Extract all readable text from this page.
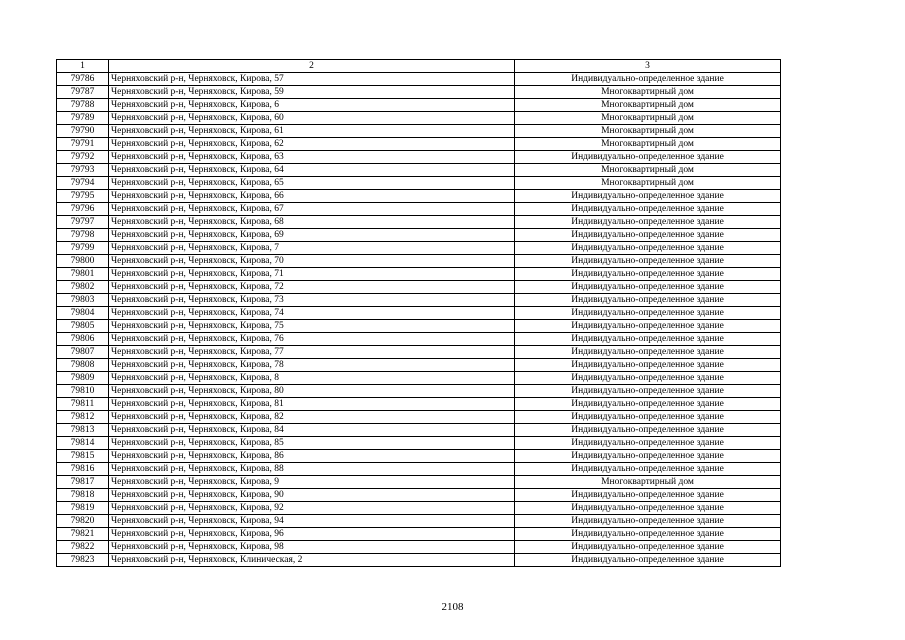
1	2	3
79786	Черняховский р-н, Черняховск, Кирова, 57	Индивидуально-определенное здание
79787	Черняховский р-н, Черняховск, Кирова, 59	Многоквартирный дом
79788	Черняховский р-н, Черняховск, Кирова, 6	Многоквартирный дом
79789	Черняховский р-н, Черняховск, Кирова, 60	Многоквартирный дом
79790	Черняховский р-н, Черняховск, Кирова, 61	Многоквартирный дом
79791	Черняховский р-н, Черняховск, Кирова, 62	Многоквартирный дом
79792	Черняховский р-н, Черняховск, Кирова, 63	Индивидуально-определенное здание
79793	Черняховский р-н, Черняховск, Кирова, 64	Многоквартирный дом
79794	Черняховский р-н, Черняховск, Кирова, 65	Многоквартирный дом
79795	Черняховский р-н, Черняховск, Кирова, 66	Индивидуально-определенное здание
79796	Черняховский р-н, Черняховск, Кирова, 67	Индивидуально-определенное здание
79797	Черняховский р-н, Черняховск, Кирова, 68	Индивидуально-определенное здание
79798	Черняховский р-н, Черняховск, Кирова, 69	Индивидуально-определенное здание
79799	Черняховский р-н, Черняховск, Кирова, 7	Индивидуально-определенное здание
79800	Черняховский р-н, Черняховск, Кирова, 70	Индивидуально-определенное здание
79801	Черняховский р-н, Черняховск, Кирова, 71	Индивидуально-определенное здание
79802	Черняховский р-н, Черняховск, Кирова, 72	Индивидуально-определенное здание
79803	Черняховский р-н, Черняховск, Кирова, 73	Индивидуально-определенное здание
79804	Черняховский р-н, Черняховск, Кирова, 74	Индивидуально-определенное здание
79805	Черняховский р-н, Черняховск, Кирова, 75	Индивидуально-определенное здание
79806	Черняховский р-н, Черняховск, Кирова, 76	Индивидуально-определенное здание
79807	Черняховский р-н, Черняховск, Кирова, 77	Индивидуально-определенное здание
79808	Черняховский р-н, Черняховск, Кирова, 78	Индивидуально-определенное здание
79809	Черняховский р-н, Черняховск, Кирова, 8	Индивидуально-определенное здание
79810	Черняховский р-н, Черняховск, Кирова, 80	Индивидуально-определенное здание
79811	Черняховский р-н, Черняховск, Кирова, 81	Индивидуально-определенное здание
79812	Черняховский р-н, Черняховск, Кирова, 82	Индивидуально-определенное здание
79813	Черняховский р-н, Черняховск, Кирова, 84	Индивидуально-определенное здание
79814	Черняховский р-н, Черняховск, Кирова, 85	Индивидуально-определенное здание
79815	Черняховский р-н, Черняховск, Кирова, 86	Индивидуально-определенное здание
79816	Черняховский р-н, Черняховск, Кирова, 88	Индивидуально-определенное здание
79817	Черняховский р-н, Черняховск, Кирова, 9	Многоквартирный дом
79818	Черняховский р-н, Черняховск, Кирова, 90	Индивидуально-определенное здание
79819	Черняховский р-н, Черняховск, Кирова, 92	Индивидуально-определенное здание
79820	Черняховский р-н, Черняховск, Кирова, 94	Индивидуально-определенное здание
79821	Черняховский р-н, Черняховск, Кирова, 96	Индивидуально-определенное здание
79822	Черняховский р-н, Черняховск, Кирова, 98	Индивидуально-определенное здание
79823	Черняховский р-н, Черняховск, Клиническая, 2	Индивидуально-определенное здание
2108
